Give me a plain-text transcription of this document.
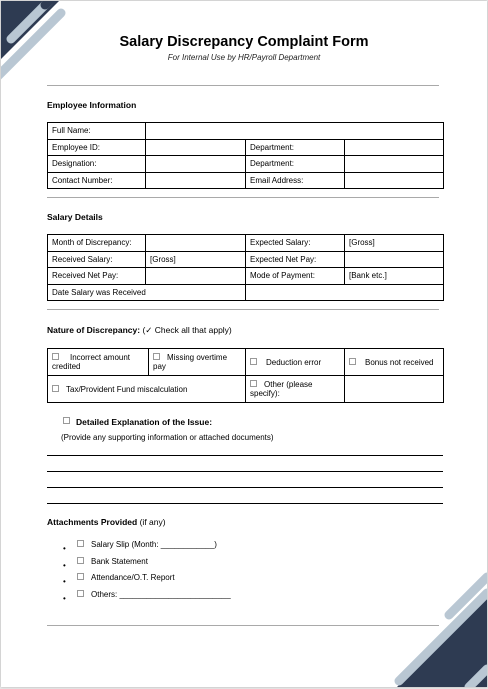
Salary Discrepancy Complaint Form
For Internal Use by HR/Payroll Department
Employee Information
Full Name:			
Employee ID:		Department:	
Designation:		Department:	
Contact Number:		Email Address:	
Salary Details
Month of Discrepancy:		Expected Salary:	[Gross]
Received Salary:	[Gross]	Expected Net Pay:	
Received Net Pay:		Mode of Payment:	[Bank etc.]
Date Salary was Received			
Nature of Discrepancy: (✓ Check all that apply)
Incorrect amount credited	Missing overtime pay	Deduction error	Bonus not received
Tax/Provident Fund miscalculation		Other (please specify):	
Detailed Explanation of the Issue:
(Provide any supporting information or attached documents)
Attachments Provided (if any)
•	Salary Slip (Month: ____________)
•	Bank Statement
•	Attendance/O.T. Report
•	Others: _________________________
